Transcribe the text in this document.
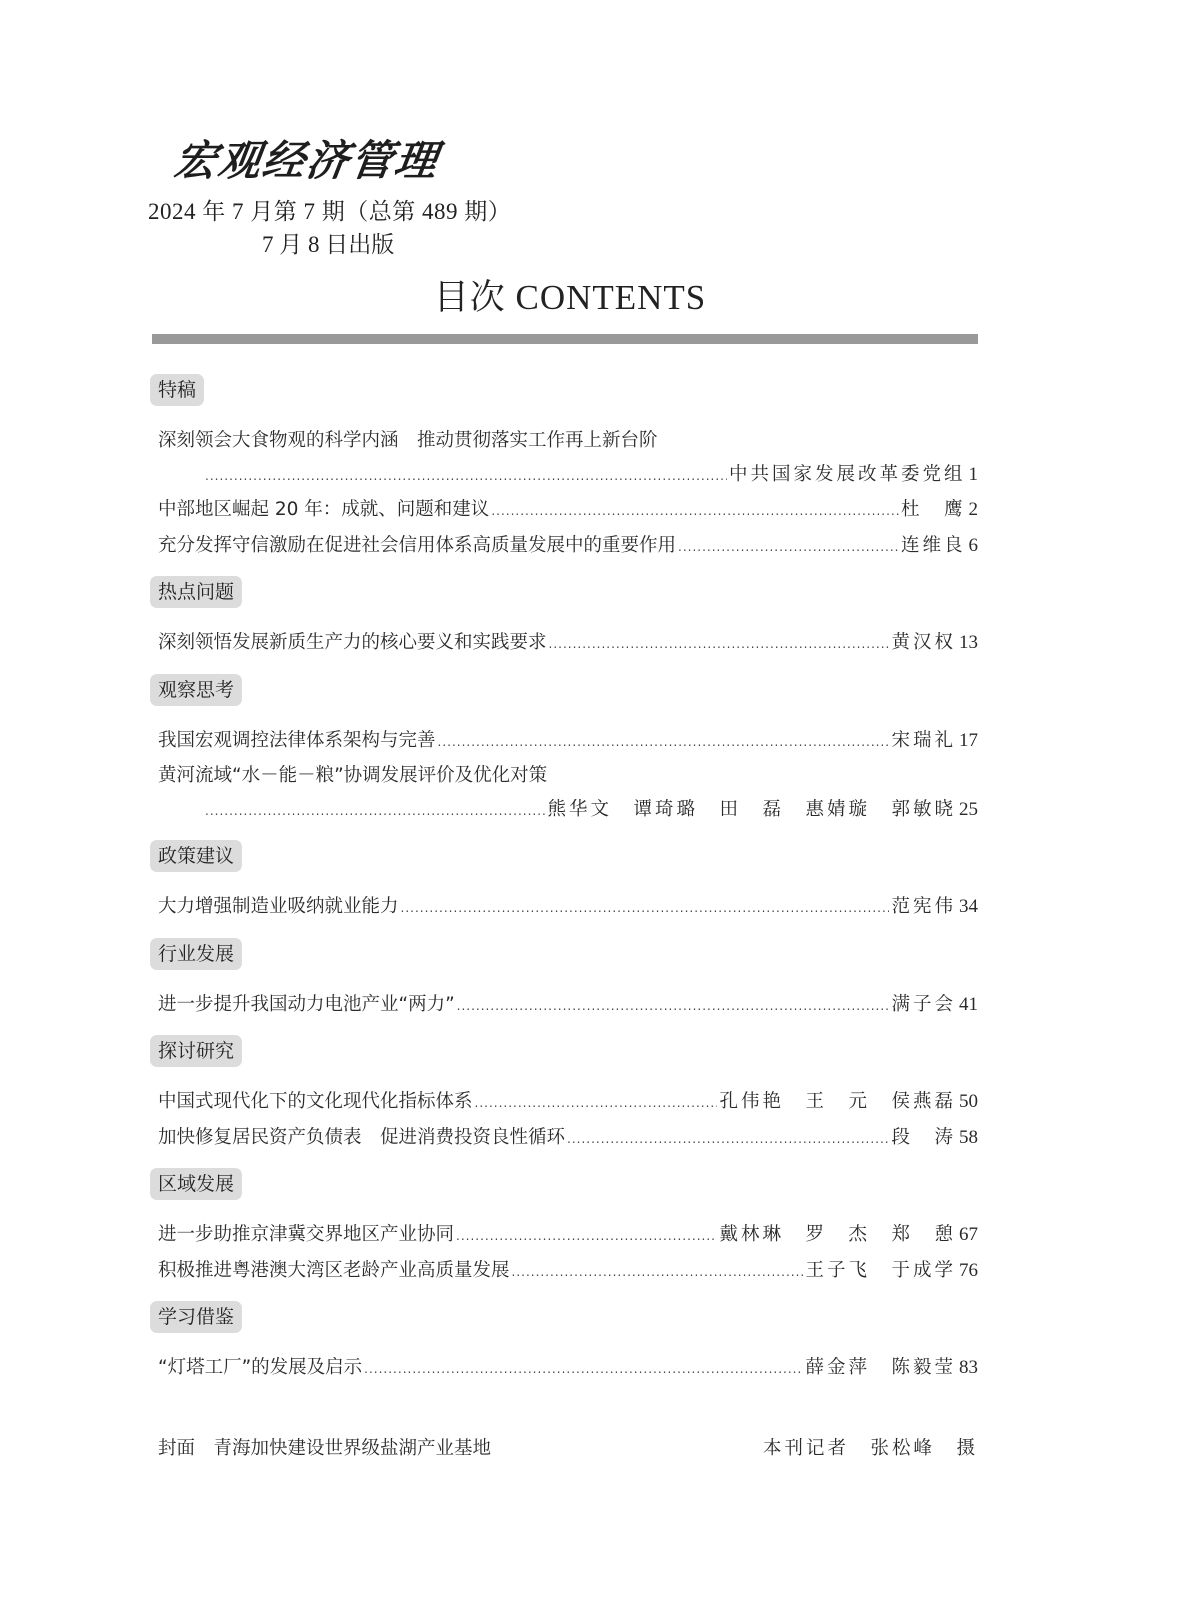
宏观经济管理
2024 年 7 月第 7 期（总第 489 期）
7 月 8 日出版
目次 CONTENTS
特稿
深刻领会大食物观的科学内涵　推动贯彻落实工作再上新台阶
.....
中共国家发展改革委党组 1
中部地区崛起 20 年：成就、问题和建议 .....	杜　鹰 2
充分发挥守信激励在促进社会信用体系高质量发展中的重要作用 .....	连维良 6
热点问题
深刻领悟发展新质生产力的核心要义和实践要求 .....	黄汉权 13
观察思考
我国宏观调控法律体系架构与完善 .....	宋瑞礼 17
黄河流域“水－能－粮”协调发展评价及优化对策
.....
熊华文　谭琦璐　田　磊　惠婧璇　郭敏晓 25
政策建议
大力增强制造业吸纳就业能力 .....	范宪伟 34
行业发展
进一步提升我国动力电池产业“两力” .....	满子会 41
探讨研究
中国式现代化下的文化现代化指标体系 .....	孔伟艳　王　元　侯燕磊 50
加快修复居民资产负债表　促进消费投资良性循环 .....	段　涛 58
区域发展
进一步助推京津冀交界地区产业协同 .....	戴林琳　罗　杰　郑　憩 67
积极推进粤港澳大湾区老龄产业高质量发展 .....	王子飞　于成学 76
学习借鉴
“灯塔工厂”的发展及启示 .....	薛金萍　陈毅莹 83
封面　青海加快建设世界级盐湖产业基地	本刊记者　张松峰　摄
